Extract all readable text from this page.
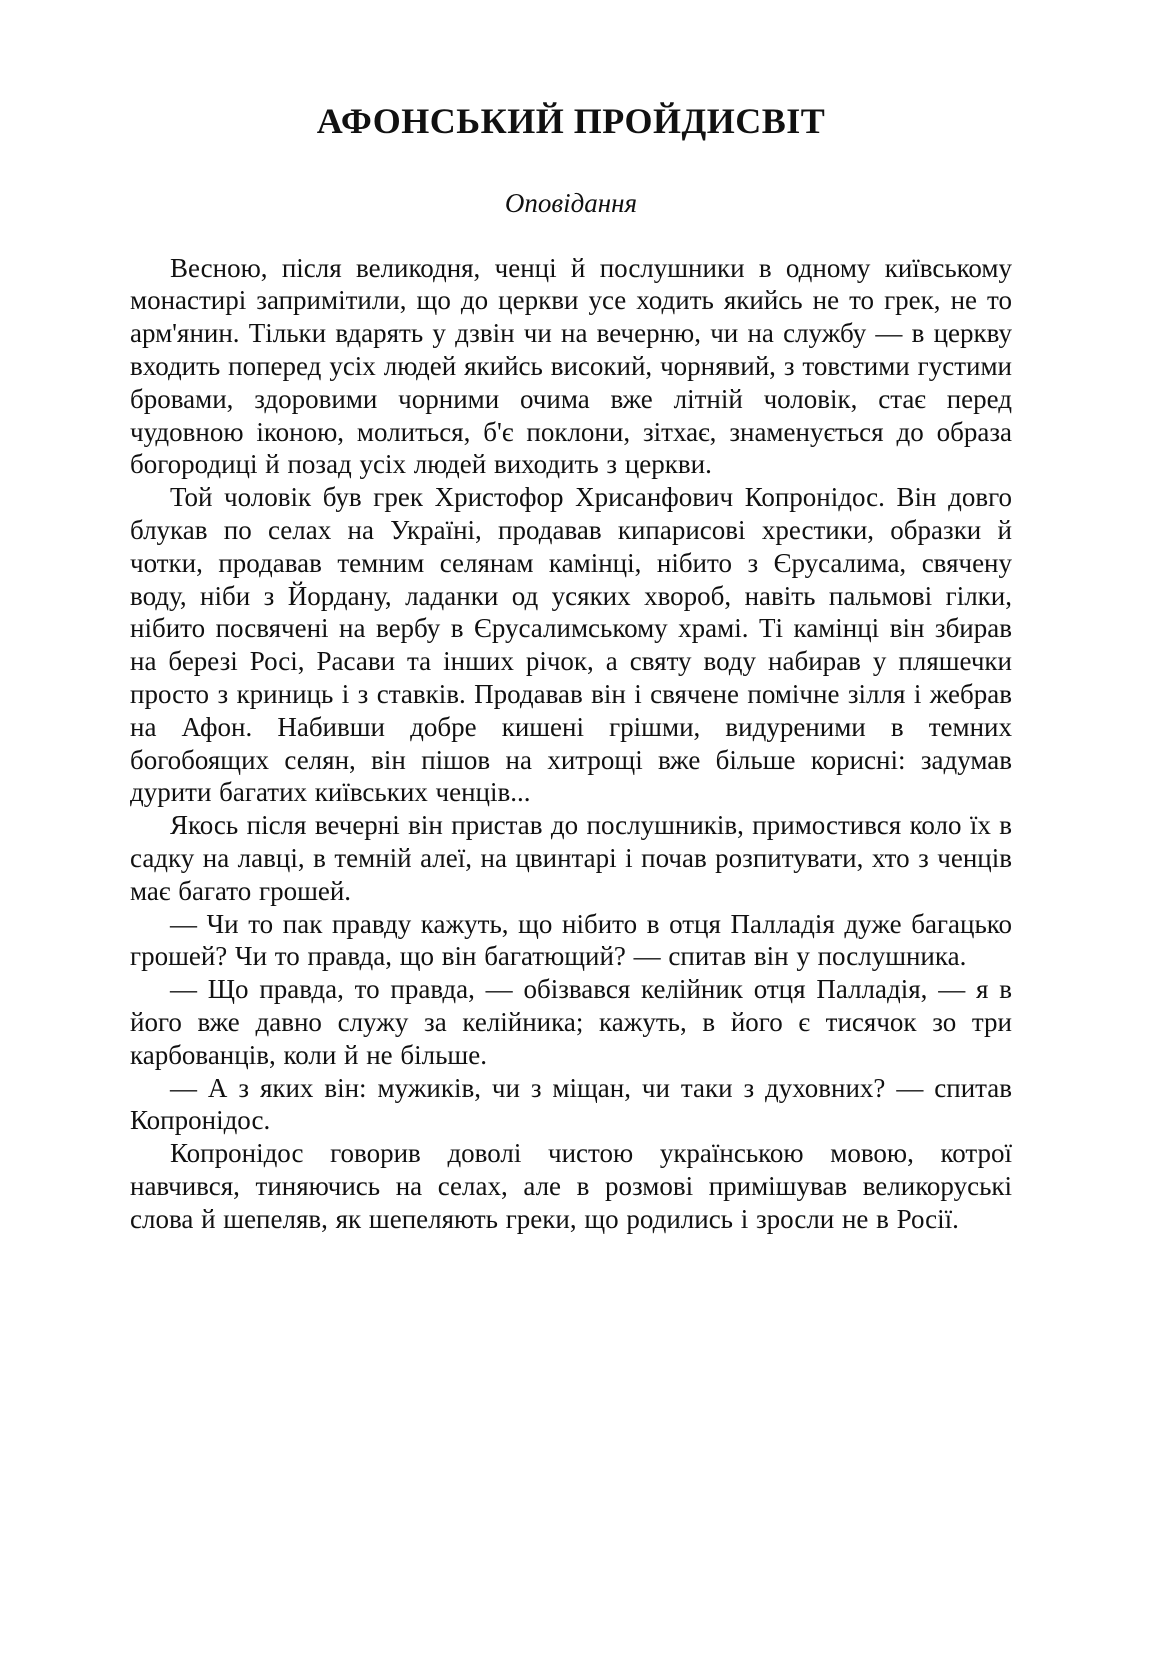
АФОНСЬКИЙ ПРОЙДИСВІТ
Оповідання

Весною, після великодня, ченці й послушники в одному київському монастирі запримітили, що до церкви усе ходить якийсь не то грек, не то арм'янин. Тільки вдарять у дзвін чи на вечерню, чи на службу — в церкву входить поперед усіх людей якийсь високий, чорнявий, з товстими густими бровами, здоровими чорними очима вже літній чоловік, стає перед чудовною іконою, молиться, б'є поклони, зітхає, знаменується до образа богородиці й позад усіх людей виходить з церкви.

Той чоловік був грек Христофор Хрисанфович Копронідос. Він довго блукав по селах на Україні, продавав кипарисові хрестики, образки й чотки, продавав темним селянам камінці, нібито з Єрусалима, свячену воду, ніби з Йордану, ладанки од усяких хвороб, навіть пальмові гілки, нібито посвячені на вербу в Єрусалимському храмі. Ті камінці він збирав на березі Росі, Расави та інших річок, а святу воду набирав у пляшечки просто з криниць і з ставків. Продавав він і свячене помічне зілля і жебрав на Афон. Набивши добре кишені грішми, видуреними в темних богобоящих селян, він пішов на хитрощі вже більше корисні: задумав дурити багатих київських ченців...

Якось після вечерні він пристав до послушників, примостився коло їх в садку на лавці, в темній алеї, на цвинтарі і почав розпитувати, хто з ченців має багато грошей.

— Чи то пак правду кажуть, що нібито в отця Палладія дуже багацько грошей? Чи то правда, що він багатющий? — спитав він у послушника.

— Що правда, то правда, — обізвався келійник отця Палладія, — я в його вже давно служу за келійника; кажуть, в його є тисячок зо три карбованців, коли й не більше.

— А з яких він: мужиків, чи з міщан, чи таки з духовних? — спитав Копронідос.

Копронідос говорив доволі чистою українською мовою, котрої навчився, тиняючись на селах, але в розмові примішував великоруські слова й шепеляв, як шепеляють греки, що родились і зросли не в Росії.
